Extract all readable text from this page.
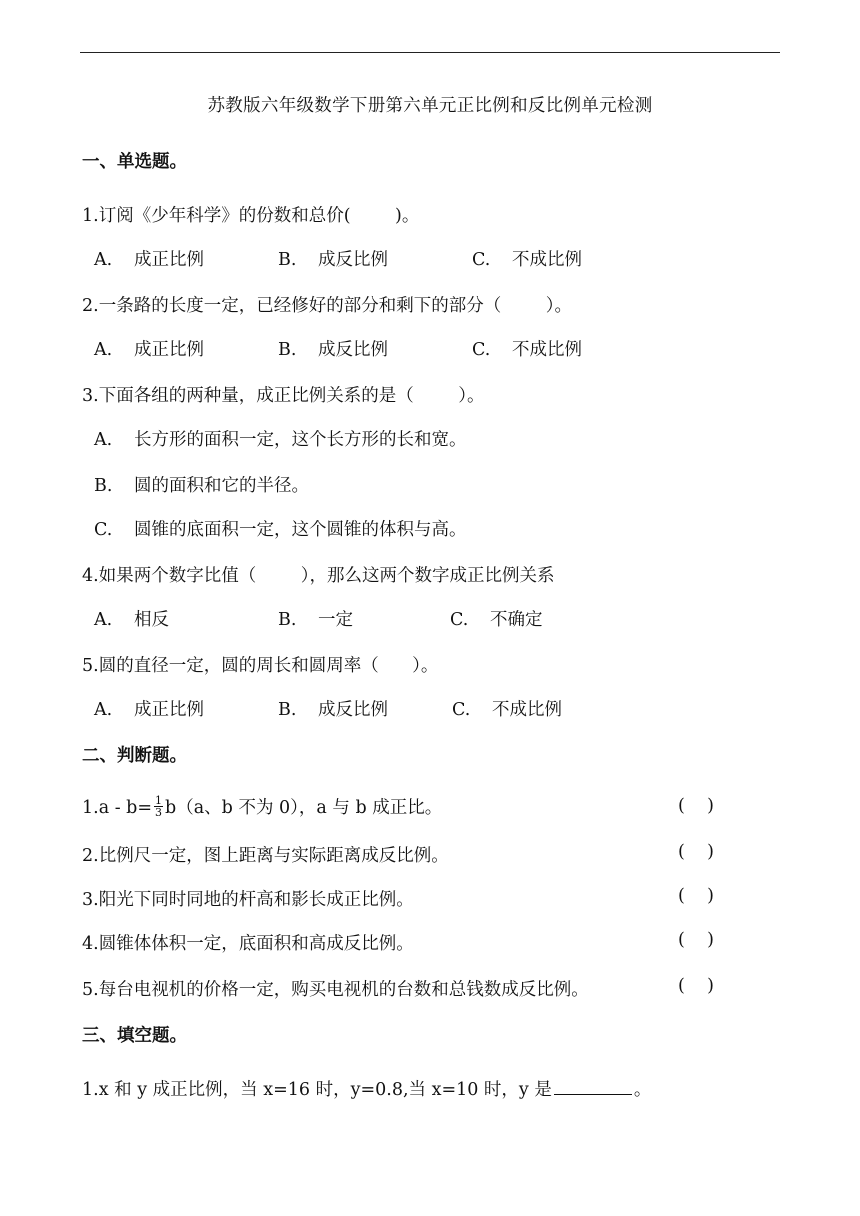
苏教版六年级数学下册第六单元正比例和反比例单元检测
一、单选题。
1.订阅《少年科学》的份数和总价(        )。
A. 成正比例	B. 成反比例	C. 不成比例
2.一条路的长度一定，已经修好的部分和剩下的部分（        ）。
A. 成正比例	B. 成反比例	C. 不成比例
3.下面各组的两种量，成正比例关系的是（        ）。
A. 长方形的面积一定，这个长方形的长和宽。
B. 圆的面积和它的半径。
C. 圆锥的底面积一定，这个圆锥的体积与高。
4.如果两个数字比值（        ），那么这两个数字成正比例关系
A. 相反	B. 一定	C. 不确定
5.圆的直径一定，圆的周长和圆周率（      ）。
A. 成正比例	B. 成反比例	C. 不成比例
二、判断题。
$1.a - b= \frac{1}{3} b(a$、b 不为 0），a 与 b 成正比。	(    )
2.比例尺一定，图上距离与实际距离成反比例。	(    )
3.阳光下同时同地的杆高和影长成正比例。	(    )
4.圆锥体体积一定，底面积和高成反比例。	(    )
5.每台电视机的价格一定，购买电视机的台数和总钱数成反比例。	(    )
三、填空题。
1.x 和 y 成正比例，当 x=16 时，y=0.8,当 x=10 时，y 是	。
